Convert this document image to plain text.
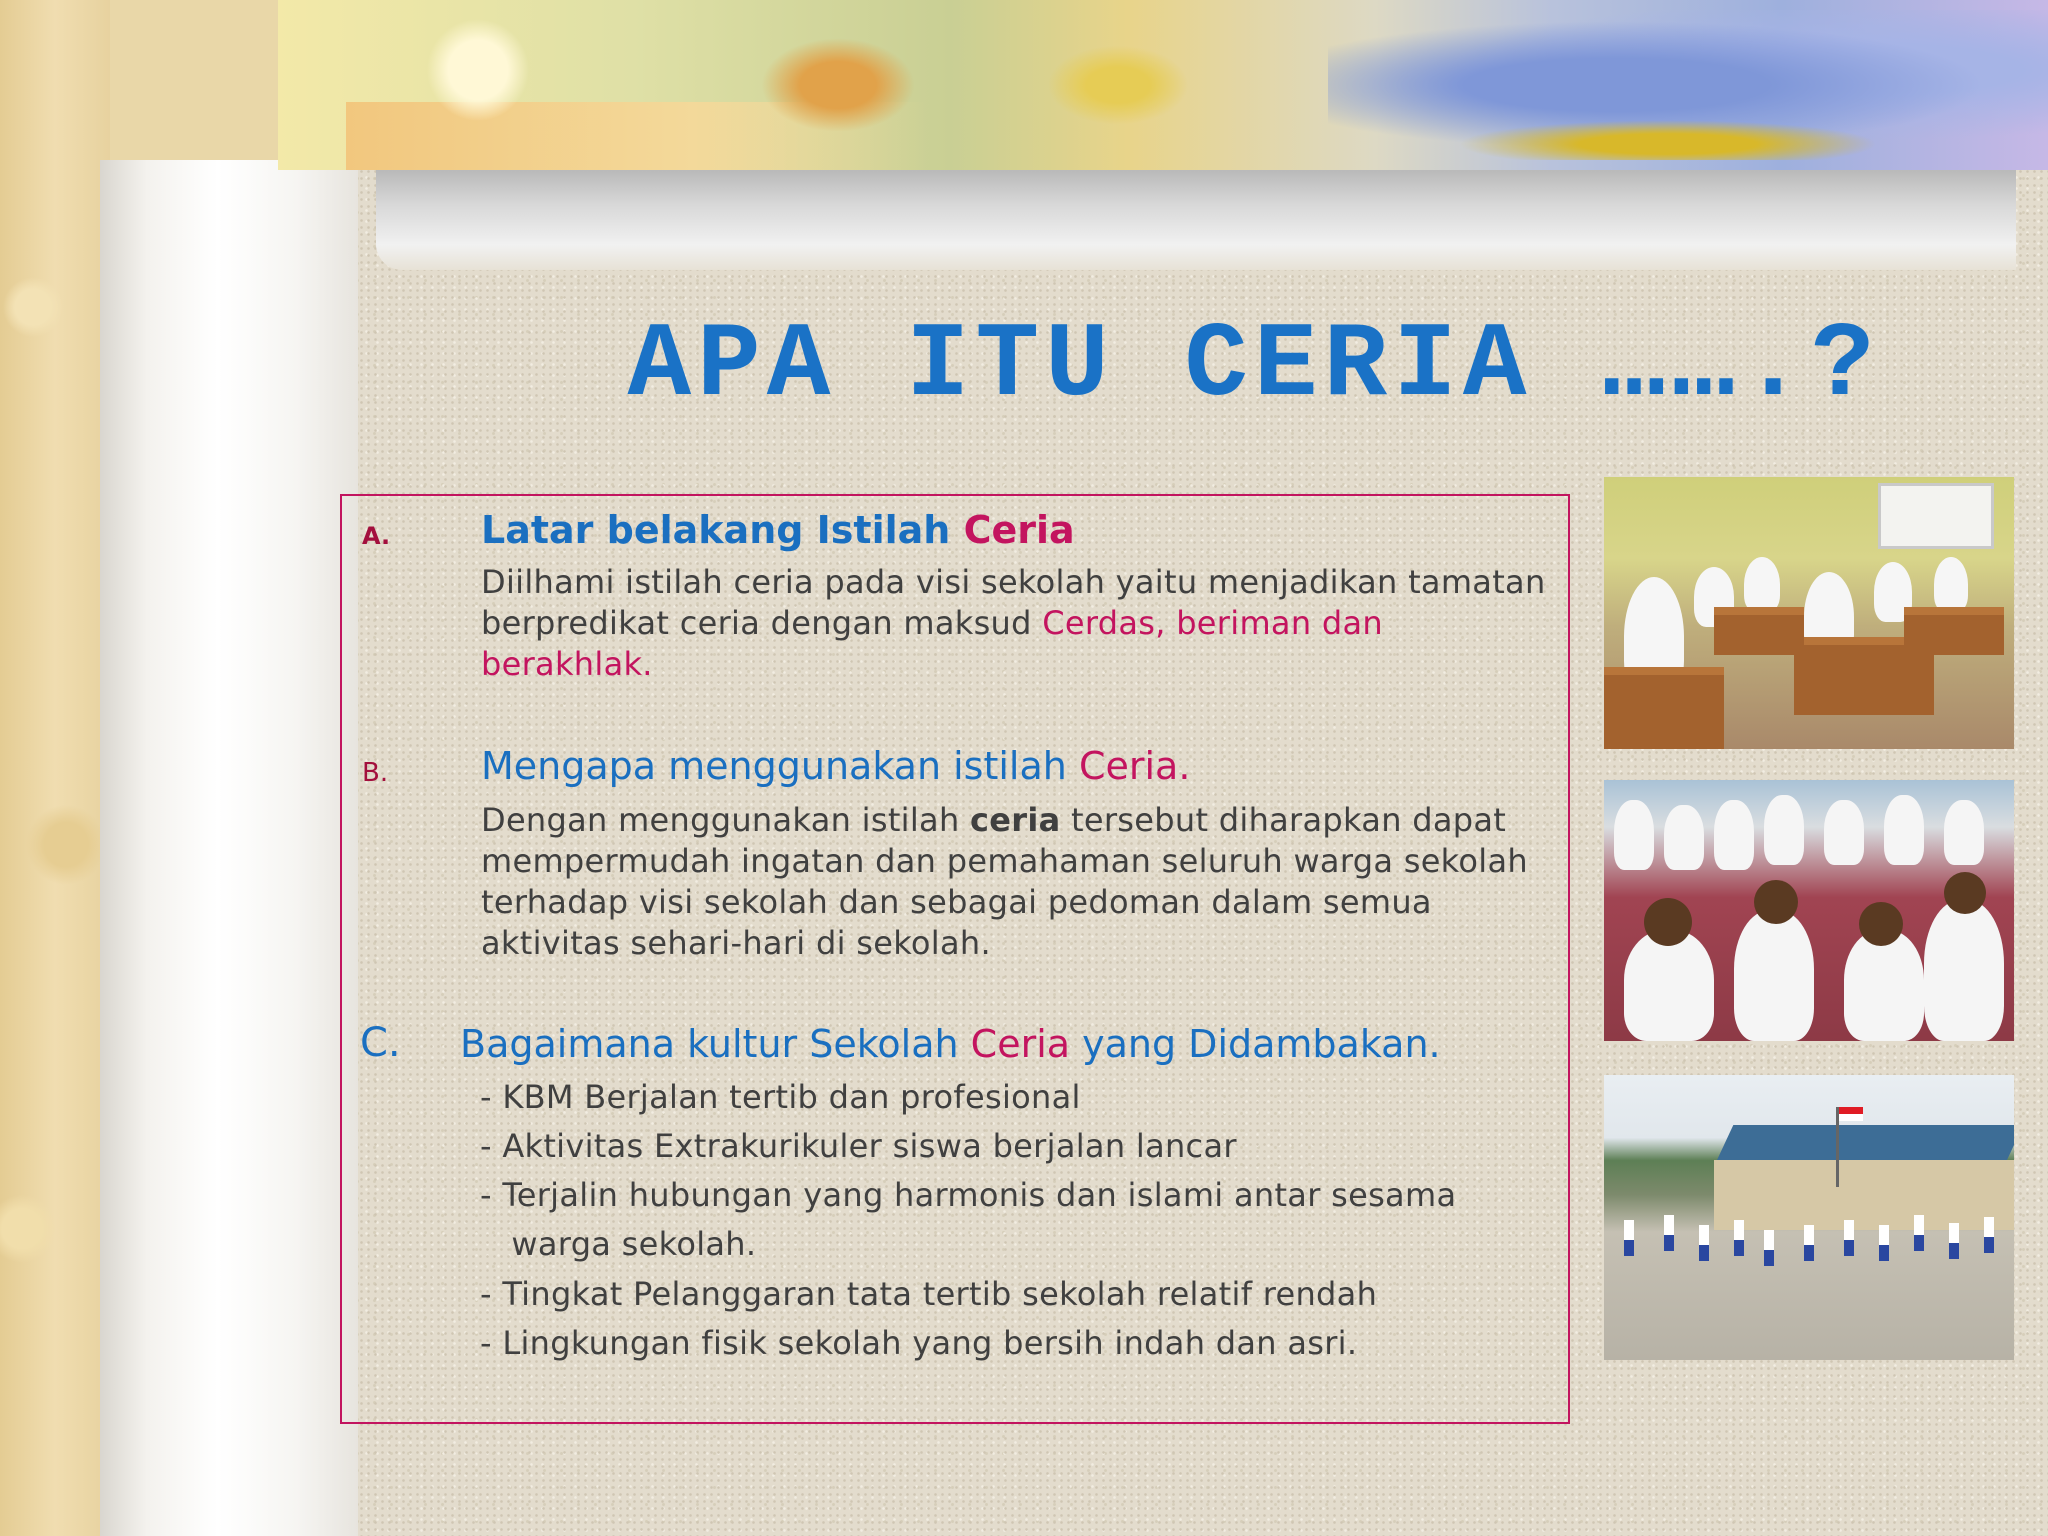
APA ITU CERIA …….?
A. Latar belakang Istilah Ceria
Diilhami istilah ceria pada visi sekolah yaitu menjadikan tamatan berpredikat ceria dengan maksud Cerdas, beriman dan berakhlak.
B. Mengapa menggunakan istilah Ceria.
Dengan menggunakan istilah ceria tersebut diharapkan dapat mempermudah ingatan dan pemahaman seluruh warga sekolah terhadap visi sekolah dan sebagai pedoman dalam semua aktivitas sehari-hari di sekolah.
C. Bagaimana kultur Sekolah Ceria yang Didambakan.
- KBM Berjalan tertib dan profesional
- Aktivitas Extrakurikuler siswa berjalan lancar
- Terjalin hubungan yang harmonis dan islami antar sesama
warga sekolah.
- Tingkat Pelanggaran tata tertib sekolah relatif rendah
- Lingkungan fisik sekolah yang bersih indah dan asri.
